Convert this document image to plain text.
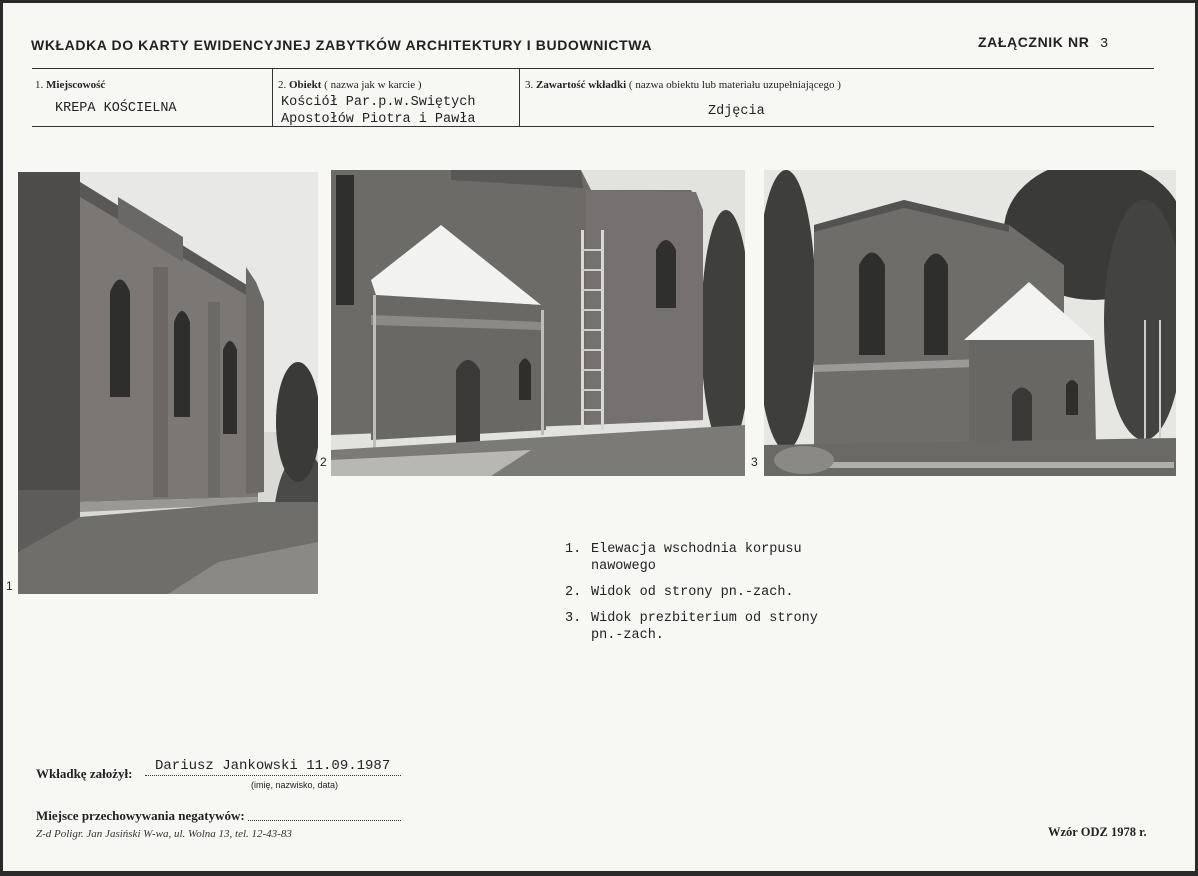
WKŁADKA DO KARTY EWIDENCYJNEJ ZABYTKÓW ARCHITEKTURY I BUDOWNICTWA	ZAŁĄCZNIK NR 3
1. Miejscowość
KREPA KOŚCIELNA
2. Obiekt ( nazwa jak w karcie )
Kościół Par.p.w.Swiętych
Apostołów Piotra i Pawła
3. Zawartość wkładki ( nazwa obiektu lub materiału uzupełniającego )
Zdjęcia
1
2	3
1. Elewacja wschodnia korpusu
nawowego
2. Widok od strony pn.-zach.
3. Widok prezbiterium od strony
pn.-zach.
Wkładkę założył: Dariusz Jankowski 11.09.1987
(imię, nazwisko, data)
Miejsce przechowywania negatywów:
Z-d Poligr. Jan Jasiński W-wa, ul. Wolna 13, tel. 12-43-83	Wzór ODZ 1978 r.
